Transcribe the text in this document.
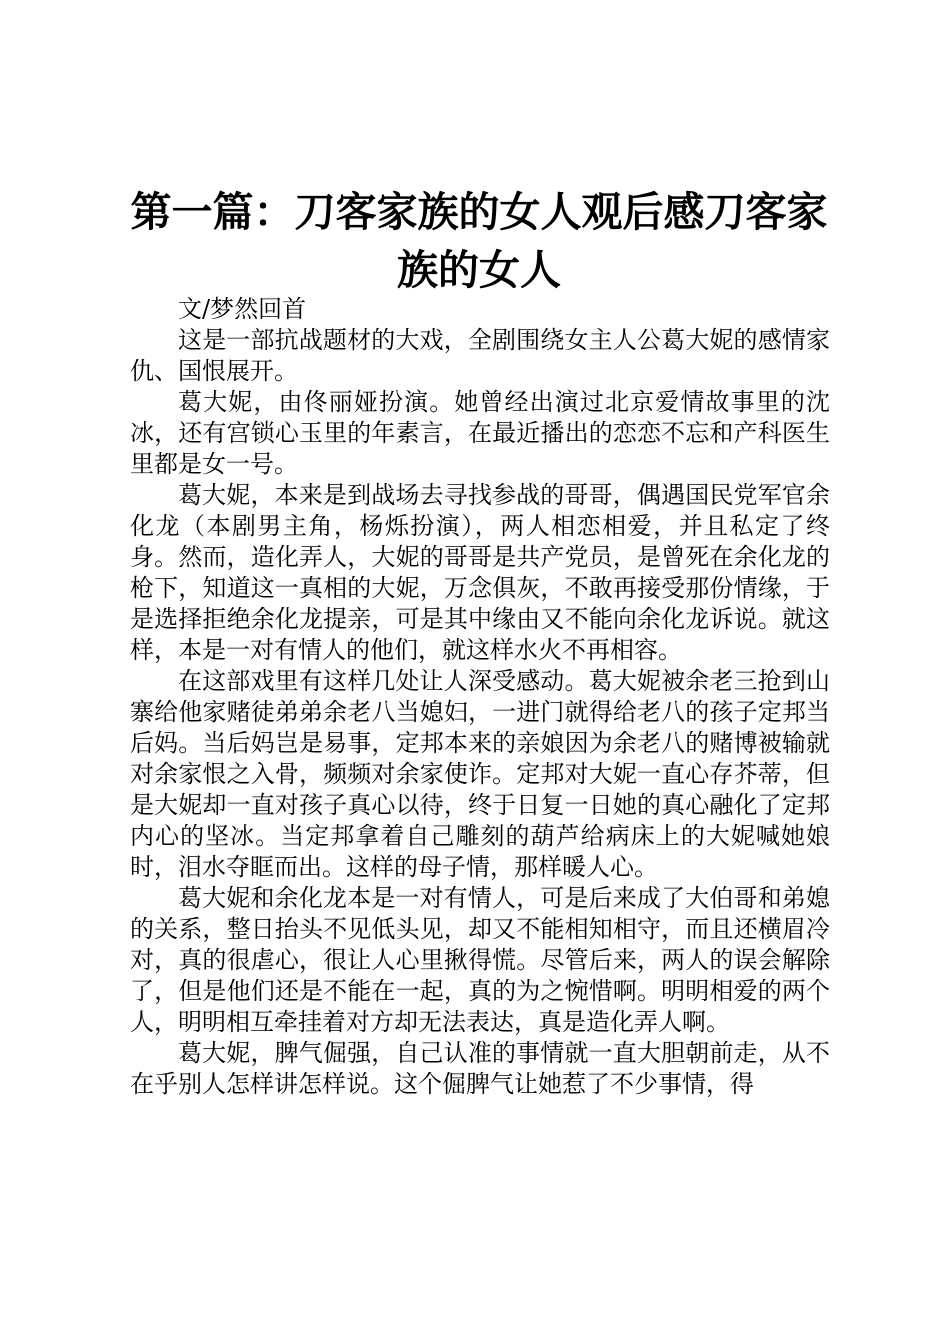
第一篇：刀客家族的女人观后感刀客家族的女人

文/梦然回首

这是一部抗战题材的大戏，全剧围绕女主人公葛大妮的感情家仇、国恨展开。

葛大妮，由佟丽娅扮演。她曾经出演过北京爱情故事里的沈冰，还有宫锁心玉里的年素言，在最近播出的恋恋不忘和产科医生里都是女一号。

葛大妮，本来是到战场去寻找参战的哥哥，偶遇国民党军官余化龙（本剧男主角，杨烁扮演），两人相恋相爱，并且私定了终身。然而，造化弄人，大妮的哥哥是共产党员，是曾死在余化龙的枪下，知道这一真相的大妮，万念俱灰，不敢再接受那份情缘，于是选择拒绝余化龙提亲，可是其中缘由又不能向余化龙诉说。就这样，本是一对有情人的他们，就这样水火不再相容。

在这部戏里有这样几处让人深受感动。葛大妮被余老三抢到山寨给他家赌徒弟弟余老八当媳妇，一进门就得给老八的孩子定邦当后妈。当后妈岂是易事，定邦本来的亲娘因为余老八的赌博被输就对余家恨之入骨，频频对余家使诈。定邦对大妮一直心存芥蒂，但是大妮却一直对孩子真心以待，终于日复一日她的真心融化了定邦内心的坚冰。当定邦拿着自己雕刻的葫芦给病床上的大妮喊她娘时，泪水夺眶而出。这样的母子情，那样暖人心。

葛大妮和余化龙本是一对有情人，可是后来成了大伯哥和弟媳的关系，整日抬头不见低头见，却又不能相知相守，而且还横眉冷对，真的很虐心，很让人心里揪得慌。尽管后来，两人的误会解除了，但是他们还是不能在一起，真的为之惋惜啊。明明相爱的两个人，明明相互牵挂着对方却无法表达，真是造化弄人啊。

葛大妮，脾气倔强，自己认准的事情就一直大胆朝前走，从不在乎别人怎样讲怎样说。这个倔脾气让她惹了不少事情，得
